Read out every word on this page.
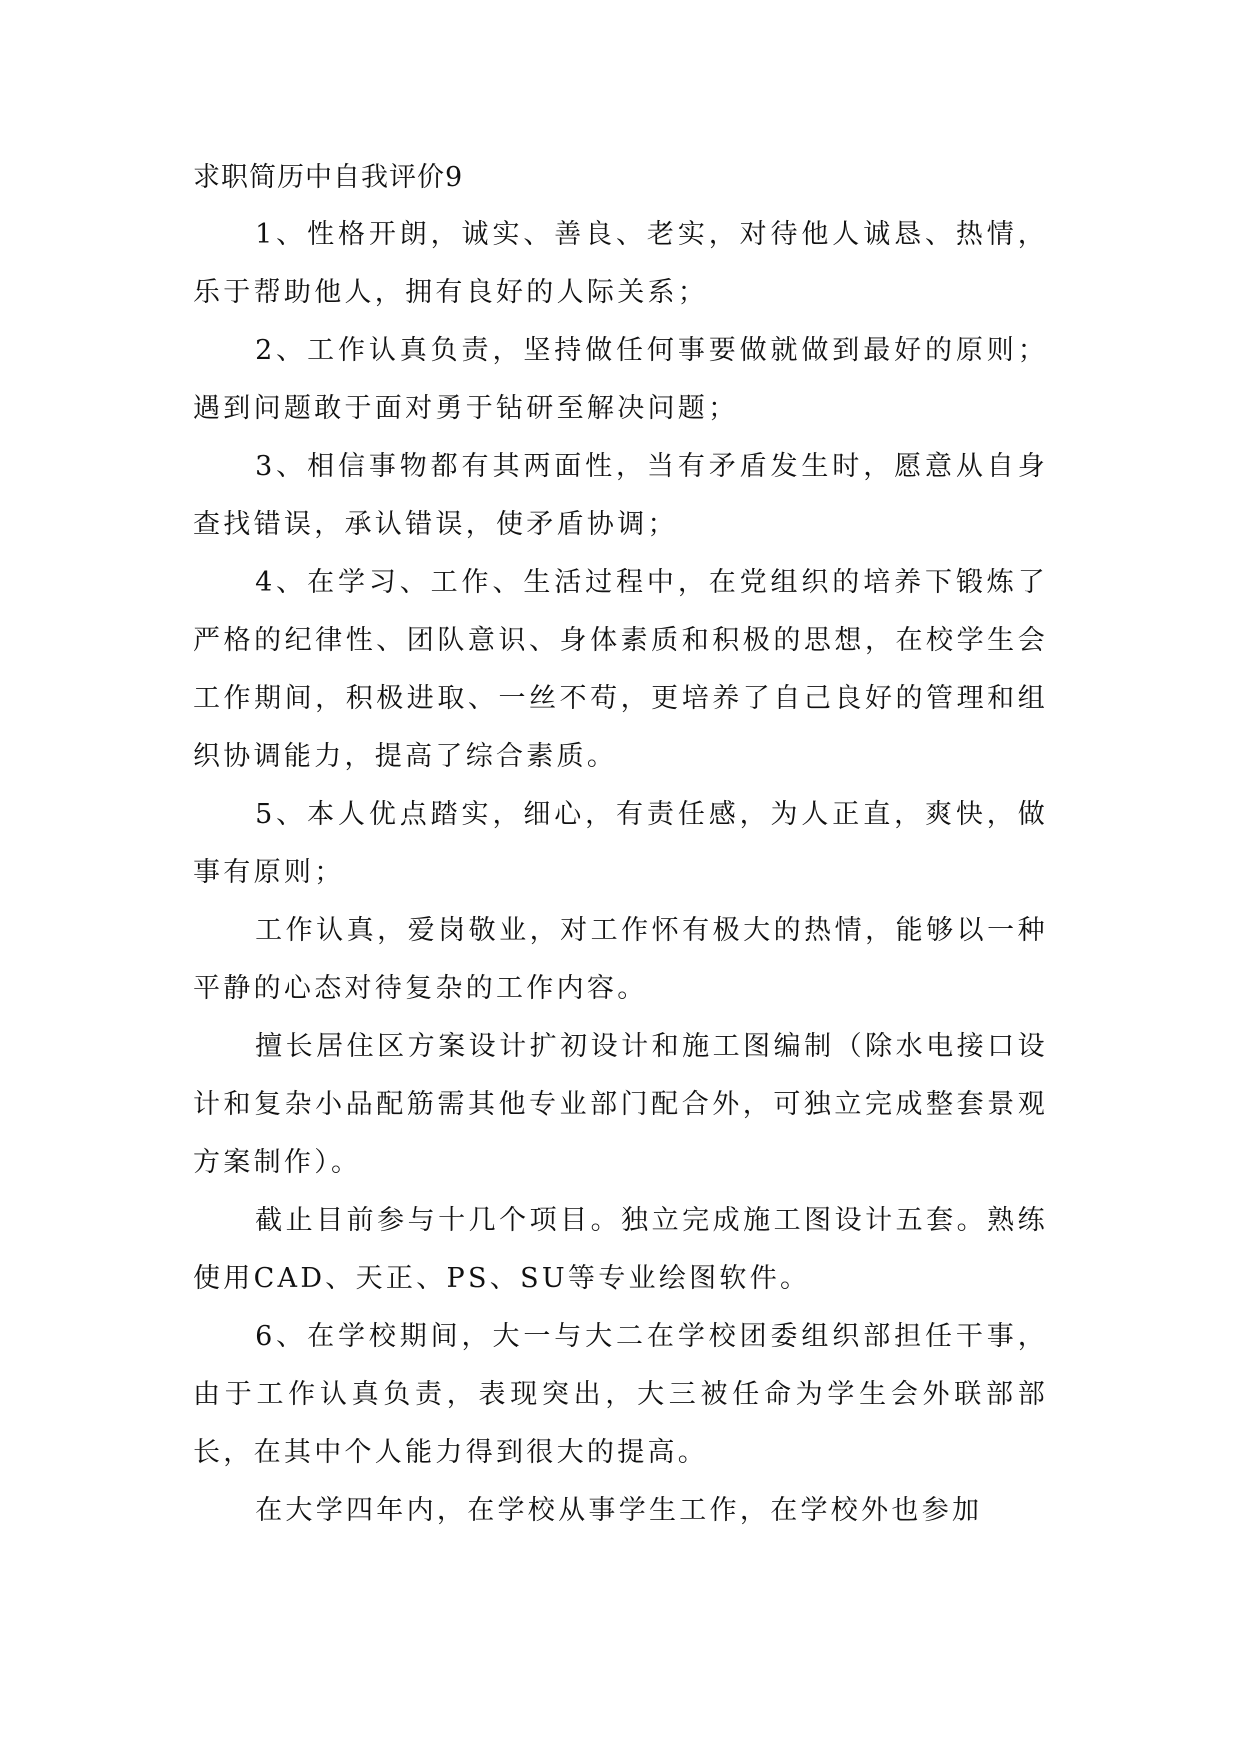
求职简历中自我评价9

1、性格开朗，诚实、善良、老实，对待他人诚恳、热情，乐于帮助他人，拥有良好的人际关系；

2、工作认真负责，坚持做任何事要做就做到最好的原则；遇到问题敢于面对勇于钻研至解决问题；

3、相信事物都有其两面性，当有矛盾发生时，愿意从自身查找错误，承认错误，使矛盾协调；

4、在学习、工作、生活过程中，在党组织的培养下锻炼了严格的纪律性、团队意识、身体素质和积极的思想，在校学生会工作期间，积极进取、一丝不苟，更培养了自己良好的管理和组织协调能力，提高了综合素质。

5、本人优点踏实，细心，有责任感，为人正直，爽快，做事有原则；

工作认真，爱岗敬业，对工作怀有极大的热情，能够以一种平静的心态对待复杂的工作内容。

擅长居住区方案设计扩初设计和施工图编制（除水电接口设计和复杂小品配筋需其他专业部门配合外，可独立完成整套景观方案制作）。

截止目前参与十几个项目。独立完成施工图设计五套。熟练使用CAD、天正、PS、SU等专业绘图软件。

6、在学校期间，大一与大二在学校团委组织部担任干事，由于工作认真负责，表现突出，大三被任命为学生会外联部部长，在其中个人能力得到很大的提高。

在大学四年内，在学校从事学生工作，在学校外也参加
